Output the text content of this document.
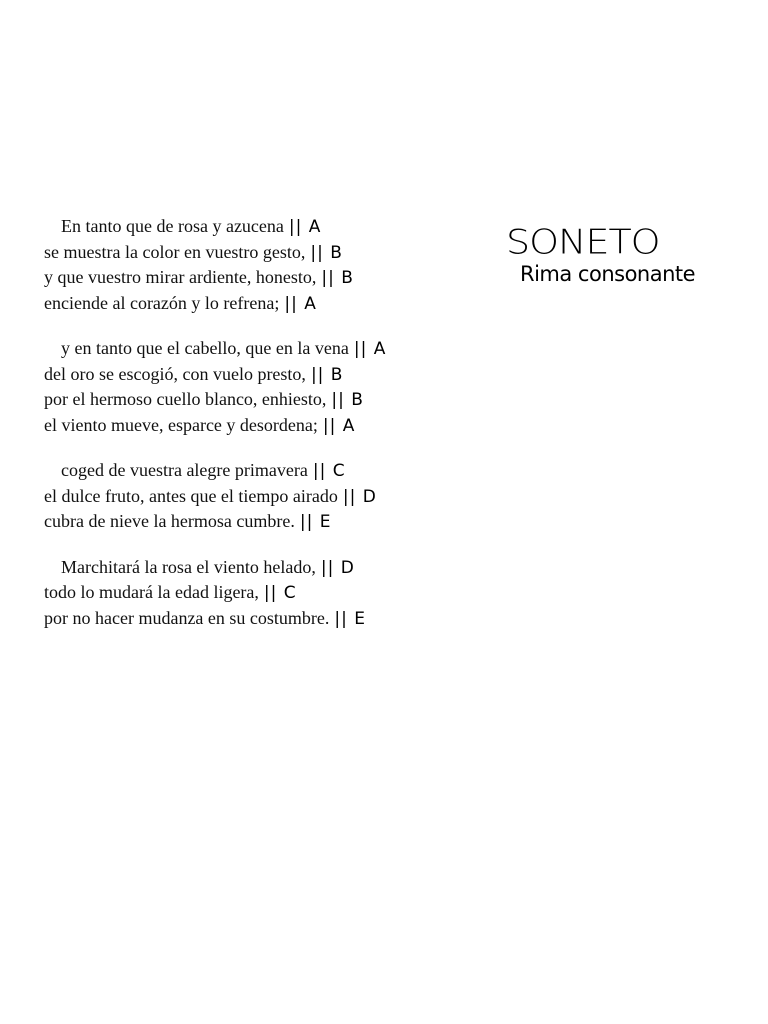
En tanto que de rosa y azucena || A
se muestra la color en vuestro gesto, || B
y que vuestro mirar ardiente, honesto, || B
enciende al corazón y lo refrena; || A
y en tanto que el cabello, que en la vena || A
del oro se escogió, con vuelo presto, || B
por el hermoso cuello blanco, enhiesto, || B
el viento mueve, esparce y desordena; || A
coged de vuestra alegre primavera || C
el dulce fruto, antes que el tiempo airado || D
cubra de nieve la hermosa cumbre. || E
Marchitará la rosa el viento helado, || D
todo lo mudará la edad ligera, || C
por no hacer mudanza en su costumbre. || E
SONETO
Rima consonante
